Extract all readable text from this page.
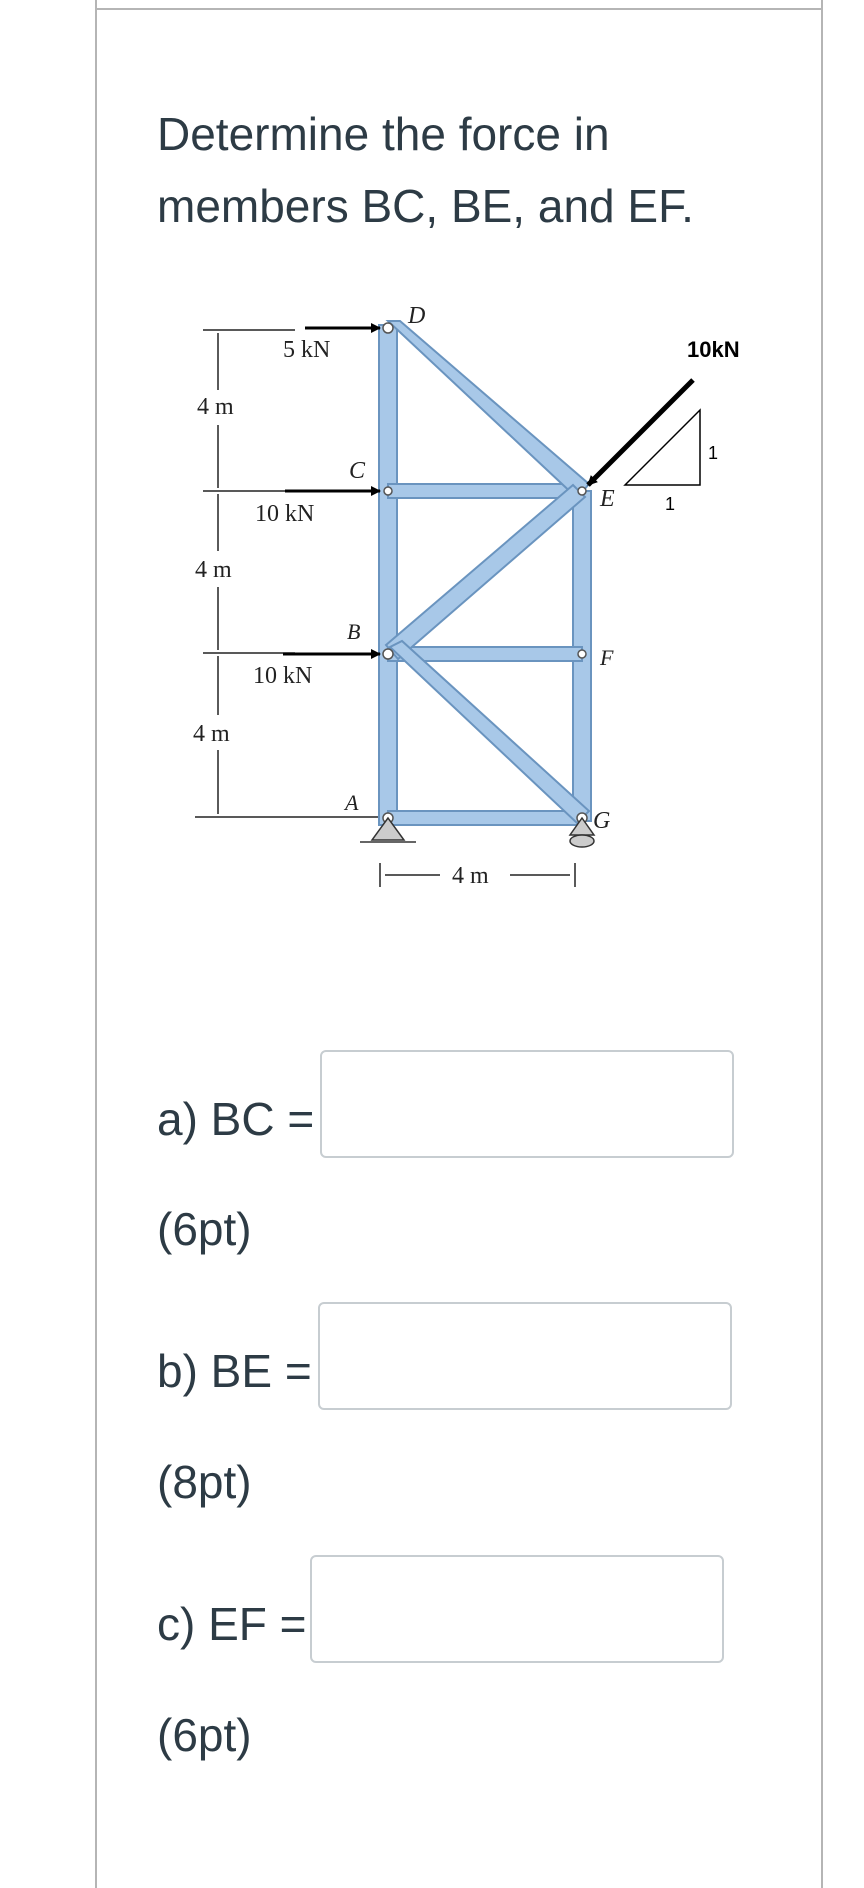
Determine the force in
members BC, BE, and EF.
4 m
4 m
4 m
4 m
5 kN
10 kN
10 kN
10kN
1
1
D
C
B
A
E
F
G
a) BC =
(6pt)
b) BE =
(8pt)
c) EF =
(6pt)
